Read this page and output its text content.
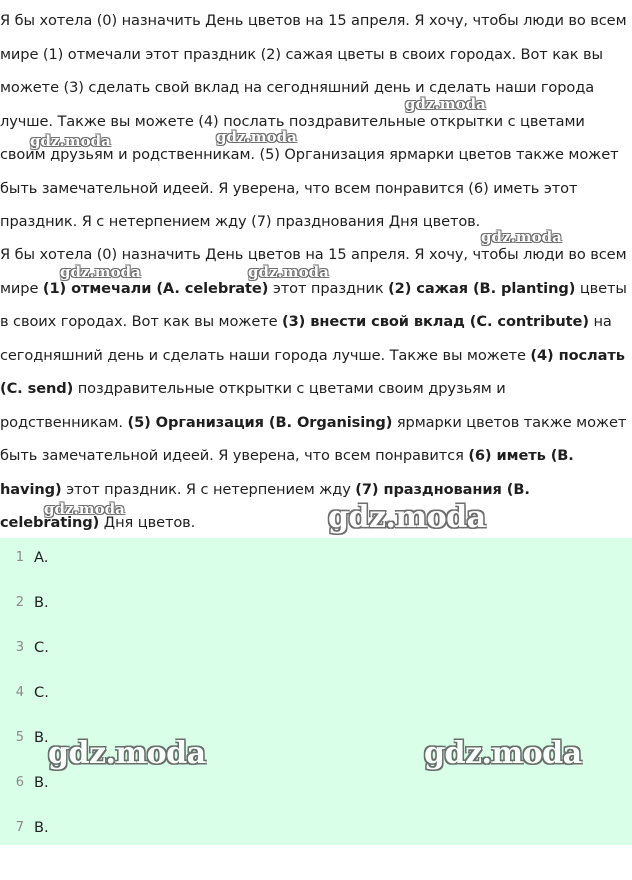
Я бы хотела (0) назначить День цветов на 15 апреля. Я хочу, чтобы люди во всем мире (1) отмечали этот праздник (2) сажая цветы в своих городах. Вот как вы можете (3) сделать свой вклад на сегодняшний день и сделать наши города лучше. Также вы можете (4) послать поздравительные открытки с цветами своим друзьям и родственникам. (5) Организация ярмарки цветов также может быть замечательной идеей. Я уверена, что всем понравится (6) иметь этот праздник. Я с нетерпением жду (7) празднования Дня цветов.

Я бы хотела (0) назначить День цветов на 15 апреля. Я хочу, чтобы люди во всем мире (1) отмечали (A. celebrate) этот праздник (2) сажая (B. planting) цветы в своих городах. Вот как вы можете (3) внести свой вклад (C. contribute) на сегодняшний день и сделать наши города лучше. Также вы можете (4) послать (C. send) поздравительные открытки с цветами своим друзьям и родственникам. (5) Организация (B. Organising) ярмарки цветов также может быть замечательной идеей. Я уверена, что всем понравится (6) иметь (B. having) этот праздник. Я с нетерпением жду (7) празднования (B. celebrating) Дня цветов.

1 A.
2 B.
3 C.
4 C.
5 B.
6 B.
7 B.
gdz.moda
gdz.moda	gdz.moda
gdz.moda
gdz.moda	gdz.moda
gdz.moda	gdz.moda
gdz.moda	gdz.moda
